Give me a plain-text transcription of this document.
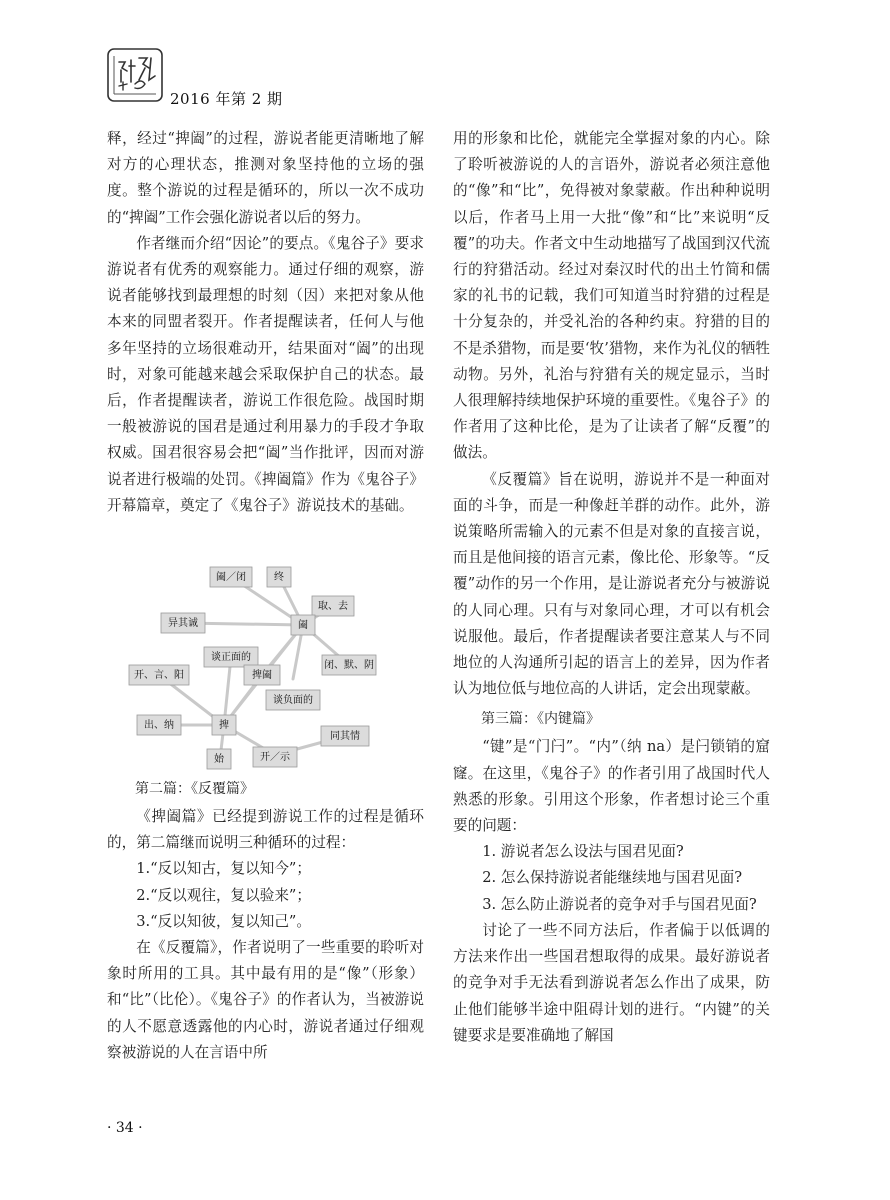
2016 年第 2 期

释，经过“捭阖”的过程，游说者能更清晰地了解对方的心理状态，推测对象坚持他的立场的强度。整个游说的过程是循环的，所以一次不成功的“捭阖”工作会强化游说者以后的努力。

作者继而介绍“因论”的要点。《鬼谷子》要求游说者有优秀的观察能力。通过仔细的观察，游说者能够找到最理想的时刻（因）来把对象从他本来的同盟者裂开。作者提醒读者，任何人与他多年坚持的立场很难动开，结果面对“阖”的出现时，对象可能越来越会采取保护自己的状态。最后，作者提醒读者，游说工作很危险。战国时期一般被游说的国君是通过利用暴力的手段才争取权威。国君很容易会把“阖”当作批评，因而对游说者进行极端的处罚。《捭阖篇》作为《鬼谷子》开幕篇章，奠定了《鬼谷子》游说技术的基础。

阖／闭	终
取、去
异其诚	阖
谈正面的
开、言、阳	捭阖
闭、默、阴
谈负面的
出、纳	捭
同其情
开／示
始
第二篇：《反覆篇》

《捭阖篇》已经提到游说工作的过程是循环的，第二篇继而说明三种循环的过程：

1.“反以知古，复以知今”；

2.“反以观往，复以验来”；

3.“反以知彼，复以知己”。

在《反覆篇》，作者说明了一些重要的聆听对象时所用的工具。其中最有用的是“像”（形象）和“比”（比伦）。《鬼谷子》的作者认为，当被游说的人不愿意透露他的内心时，游说者通过仔细观察被游说的人在言语中所

用的形象和比伦，就能完全掌握对象的内心。除了聆听被游说的人的言语外，游说者必须注意他的“像”和“比”，免得被对象蒙蔽。作出种种说明以后，作者马上用一大批“像”和“比”来说明“反覆”的功夫。作者文中生动地描写了战国到汉代流行的狩猎活动。经过对秦汉时代的出土竹简和儒家的礼书的记载，我们可知道当时狩猎的过程是十分复杂的，并受礼治的各种约束。狩猎的目的不是杀猎物，而是要‘牧’猎物，来作为礼仪的牺牲动物。另外，礼治与狩猎有关的规定显示，当时人很理解持续地保护环境的重要性。《鬼谷子》的作者用了这种比伦，是为了让读者了解“反覆”的做法。

《反覆篇》旨在说明，游说并不是一种面对面的斗争，而是一种像赶羊群的动作。此外，游说策略所需输入的元素不但是对象的直接言说，而且是他间接的语言元素，像比伦、形象等。“反覆”动作的另一个作用，是让游说者充分与被游说的人同心理。只有与对象同心理，才可以有机会说服他。最后，作者提醒读者要注意某人与不同地位的人沟通所引起的语言上的差异，因为作者认为地位低与地位高的人讲话，定会出现蒙蔽。

第三篇：《内键篇》

“键”是“门闩”。“内”（纳 na）是闩锁销的窟窿。在这里，《鬼谷子》的作者引用了战国时代人熟悉的形象。引用这个形象，作者想讨论三个重要的问题：

1. 游说者怎么设法与国君见面?

2. 怎么保持游说者能继续地与国君见面?

3. 怎么防止游说者的竞争对手与国君见面?

讨论了一些不同方法后，作者偏于以低调的方法来作出一些国君想取得的成果。最好游说者的竞争对手无法看到游说者怎么作出了成果，防止他们能够半途中阻碍计划的进行。“内键”的关键要求是要准确地了解国

· 34 ·
